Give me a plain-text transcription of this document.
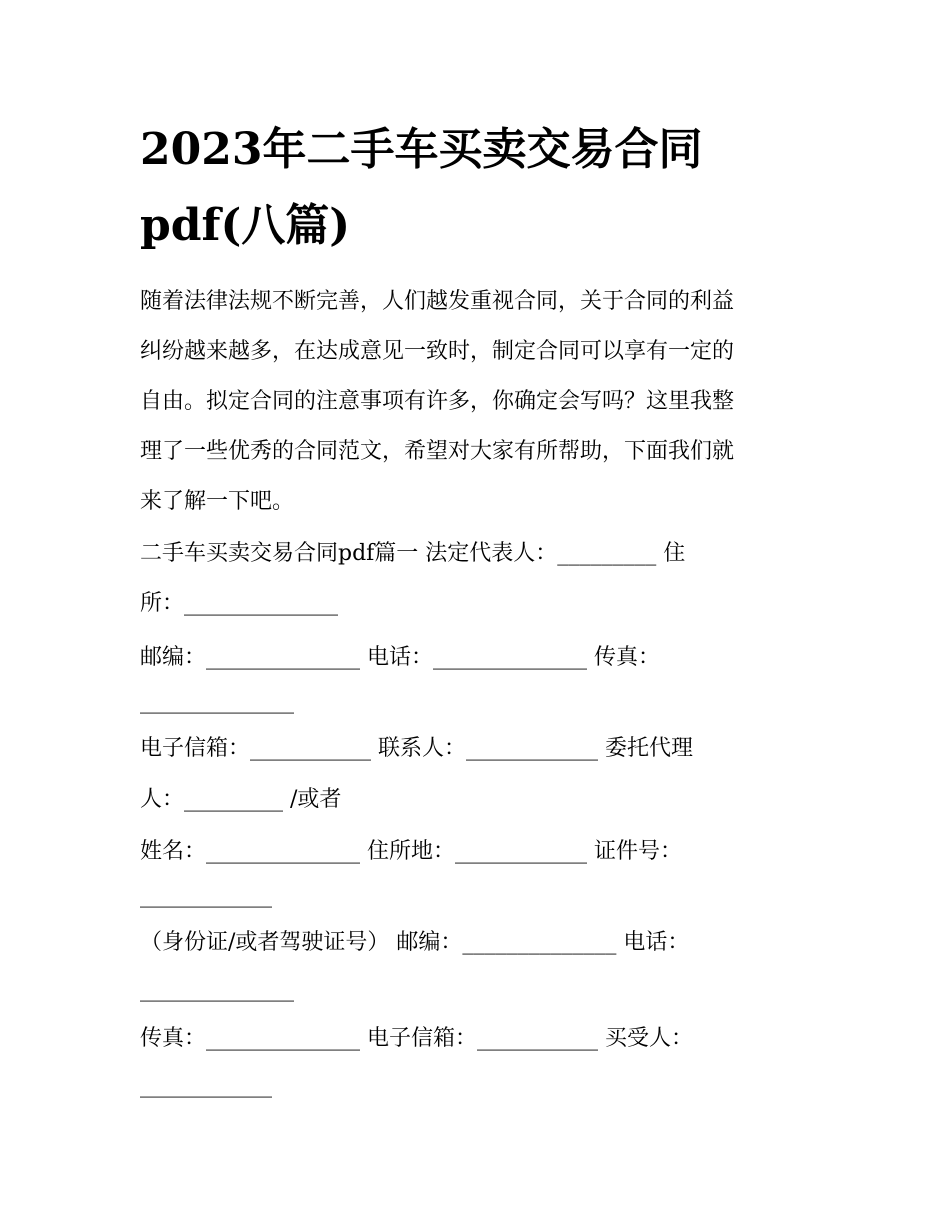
2023年二手车买卖交易合同
pdf(八篇)
随着法律法规不断完善，人们越发重视合同，关于合同的利益
纠纷越来越多，在达成意见一致时，制定合同可以享有一定的
自由。拟定合同的注意事项有许多，你确定会写吗？这里我整
理了一些优秀的合同范文，希望对大家有所帮助，下面我们就
来了解一下吧。
二手车买卖交易合同pdf篇一 法定代表人：_________ 住
所：______________
邮编：______________ 电话：______________ 传真：
______________
电子信箱：___________ 联系人：____________ 委托代理
人：_________ /或者
姓名：______________ 住所地：____________ 证件号：
____________
（身份证/或者驾驶证号） 邮编：______________ 电话：
______________
传真：______________ 电子信箱：___________ 买受人：
____________
